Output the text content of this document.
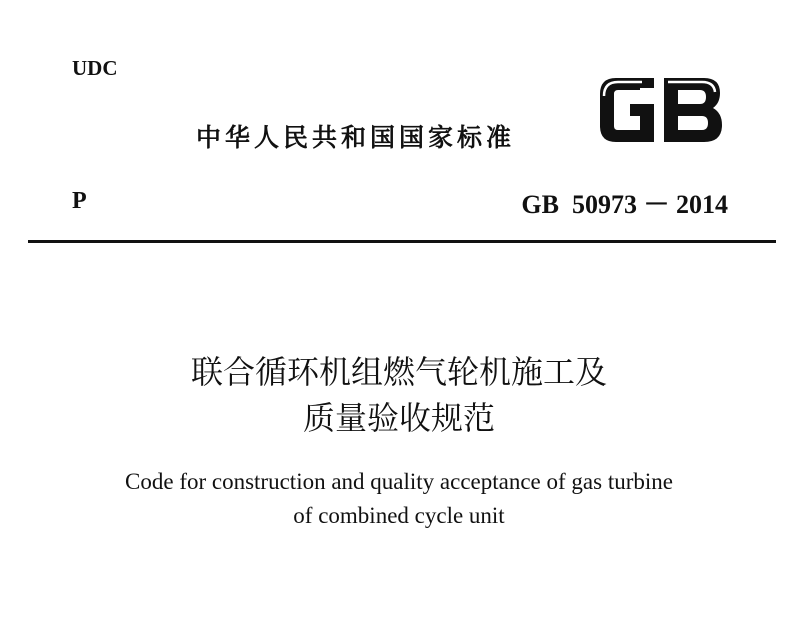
UDC
中华人民共和国国家标准
P	GB  50973 － 2014
联合循环机组燃气轮机施工及
质量验收规范
Code for construction and quality acceptance of gas turbine
of combined cycle unit
